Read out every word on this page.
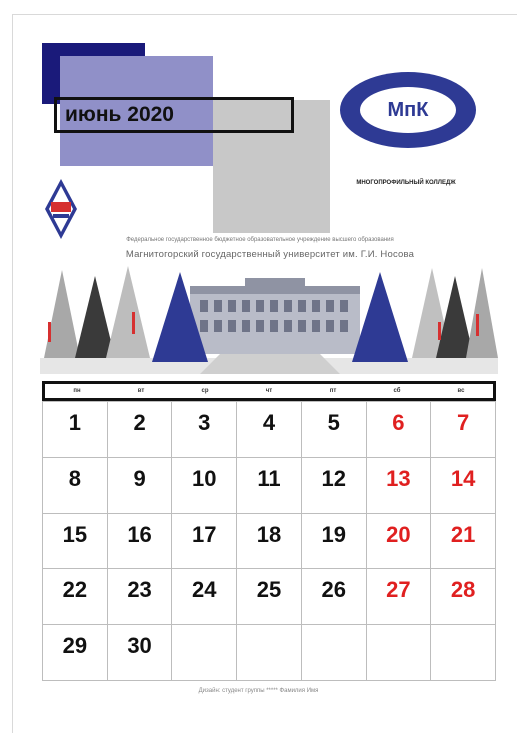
июнь 2020	МпК
МНОГОПРОФИЛЬНЫЙ КОЛЛЕДЖ
Федеральное государственное бюджетное образовательное учреждение высшего образования
Магнитогорский государственный университет им. Г.И. Носова
пн	вт	ср	чт	пт	сб	вс
1	2	3	4	5	6	7
8	9	10	11	12	13	14
15	16	17	18	19	20	21
22	23	24	25	26	27	28
29	30
Дизайн: студент группы ***** Фамилия Имя
